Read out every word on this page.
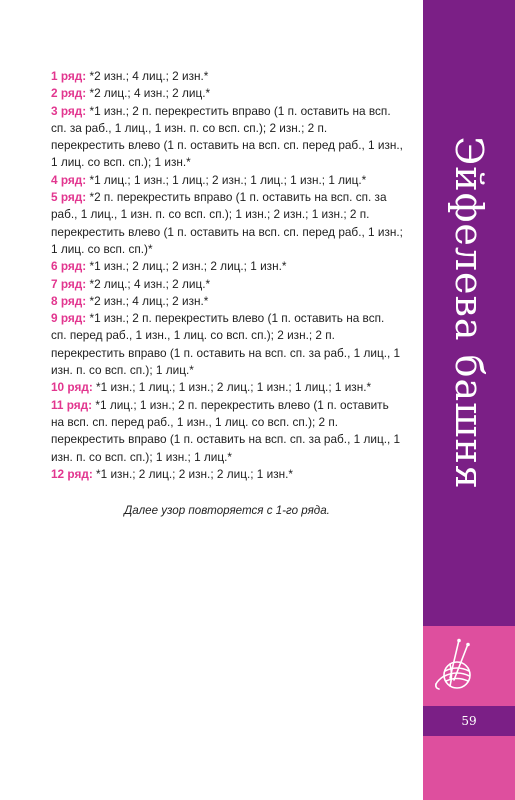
1 ряд: *2 изн.; 4 лиц.; 2 изн.*

2 ряд: *2 лиц.; 4 изн.; 2 лиц.*

3 ряд: *1 изн.; 2 п. перекрестить вправо (1 п. оставить на всп. сп. за раб., 1 лиц., 1 изн. п. со всп. сп.); 2 изн.; 2 п. перекрестить влево (1 п. оставить на всп. сп. перед раб., 1 изн., 1 лиц. со всп. сп.); 1 изн.*

4 ряд: *1 лиц.; 1 изн.; 1 лиц.; 2 изн.; 1 лиц.; 1 изн.; 1 лиц.*

5 ряд: *2 п. перекрестить вправо (1 п. оставить на всп. сп. за раб., 1 лиц., 1 изн. п. со всп. сп.); 1 изн.; 2 изн.; 1 изн.; 2 п. перекрестить влево (1 п. оставить на всп. сп. перед раб., 1 изн.; 1 лиц. со всп. сп.)*

6 ряд: *1 изн.; 2 лиц.; 2 изн.; 2 лиц.; 1 изн.*

7 ряд: *2 лиц.; 4 изн.; 2 лиц.*

8 ряд: *2 изн.; 4 лиц.; 2 изн.*

9 ряд: *1 изн.; 2 п. перекрестить влево (1 п. оставить на всп. сп. перед раб., 1 изн., 1 лиц. со всп. сп.); 2 изн.; 2 п. перекрестить вправо (1 п. оставить на всп. сп. за раб., 1 лиц., 1 изн. п. со всп. сп.); 1 лиц.*

10 ряд: *1 изн.; 1 лиц.; 1 изн.; 2 лиц.; 1 изн.; 1 лиц.; 1 изн.*

11 ряд: *1 лиц.; 1 изн.; 2 п. перекрестить влево (1 п. оставить на всп. сп. перед раб., 1 изн., 1 лиц. со всп. сп.); 2 п. перекрестить вправо (1 п. оставить на всп. сп. за раб., 1 лиц., 1 изн. п. со всп. сп.); 1 изн.; 1 лиц.*

12 ряд: *1 изн.; 2 лиц.; 2 изн.; 2 лиц.; 1 изн.*

Далее узор повторяется с 1-го ряда.

Эйфелева башня
59
